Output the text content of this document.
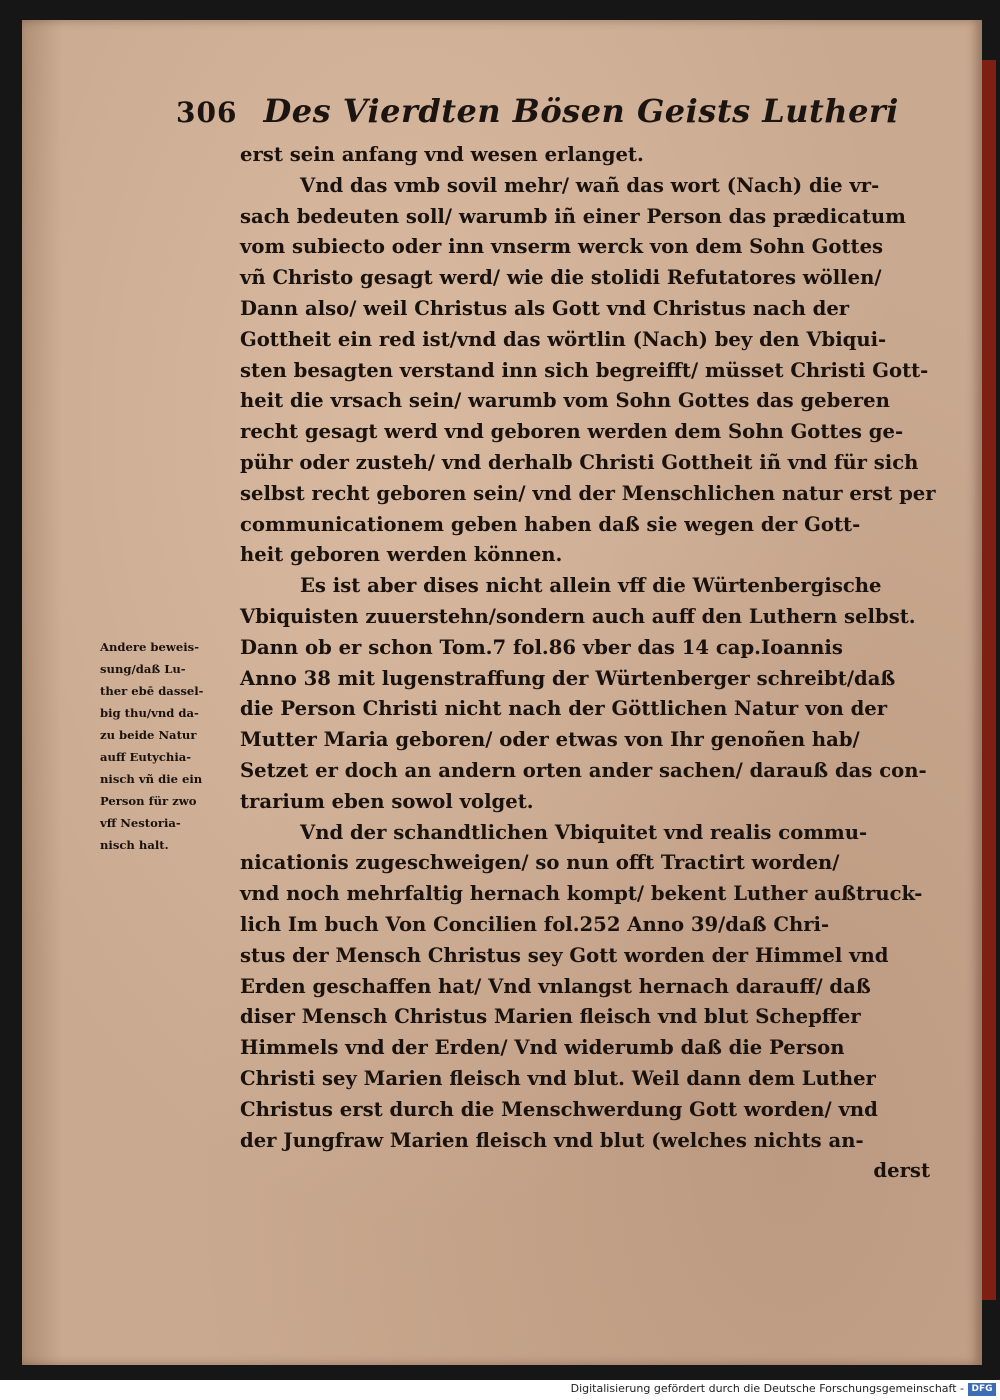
306 Des Vierdten Bösen Geists Lutheri
erst sein anfang vnd wesen erlanget.
Vnd das vmb sovil mehr/ wañ das wort (Nach) die vr-
sach bedeuten soll/ warumb iñ einer Person das prædicatum
vom subiecto oder inn vnserm werck von dem Sohn Gottes
vñ Christo gesagt werd/ wie die stolidi Refutatores wöllen/
Dann also/ weil Christus als Gott vnd Christus nach der
Gottheit ein red ist/vnd das wörtlin (Nach) bey den Vbiqui-
sten besagten verstand inn sich begreifft/ müsset Christi Gott-
heit die vrsach sein/ warumb vom Sohn Gottes das geberen
recht gesagt werd vnd geboren werden dem Sohn Gottes ge-
pühr oder zusteh/ vnd derhalb Christi Gottheit iñ vnd für sich
selbst recht geboren sein/ vnd der Menschlichen natur erst per
communicationem geben haben daß sie wegen der Gott-
heit geboren werden können.
Es ist aber dises nicht allein vff die Würtenbergische
Vbiquisten zuuerstehn/sondern auch auff den Luthern selbst.
Dann ob er schon Tom.7 fol.86 vber das 14 cap.Ioannis
Anno 38 mit lugenstraffung der Würtenberger schreibt/daß
die Person Christi nicht nach der Göttlichen Natur von der
Mutter Maria geboren/ oder etwas von Ihr genoñen hab/
Setzet er doch an andern orten ander sachen/ darauß das con-
trarium eben sowol volget.
Vnd der schandtlichen Vbiquitet vnd realis commu-
nicationis zugeschweigen/ so nun offt Tractirt worden/
vnd noch mehrfaltig hernach kompt/ bekent Luther außtruck-
lich Im buch Von Concilien fol.252 Anno 39/daß Chri-
stus der Mensch Christus sey Gott worden der Himmel vnd
Erden geschaffen hat/ Vnd vnlangst hernach darauff/ daß
diser Mensch Christus Marien fleisch vnd blut Schepffer
Himmels vnd der Erden/ Vnd widerumb daß die Person
Christi sey Marien fleisch vnd blut. Weil dann dem Luther
Christus erst durch die Menschwerdung Gott worden/ vnd
der Jungfraw Marien fleisch vnd blut (welches nichts an-
derst
Andere beweis-
sung/daß Lu-
ther ebē dassel-
big thu/vnd da-
zu beide Natur
auff Eutychia-
nisch vñ die ein
Person für zwo
vff Nestoria-
nisch halt.
Digitalisierung gefördert durch die Deutsche Forschungsgemeinschaft - DFG
